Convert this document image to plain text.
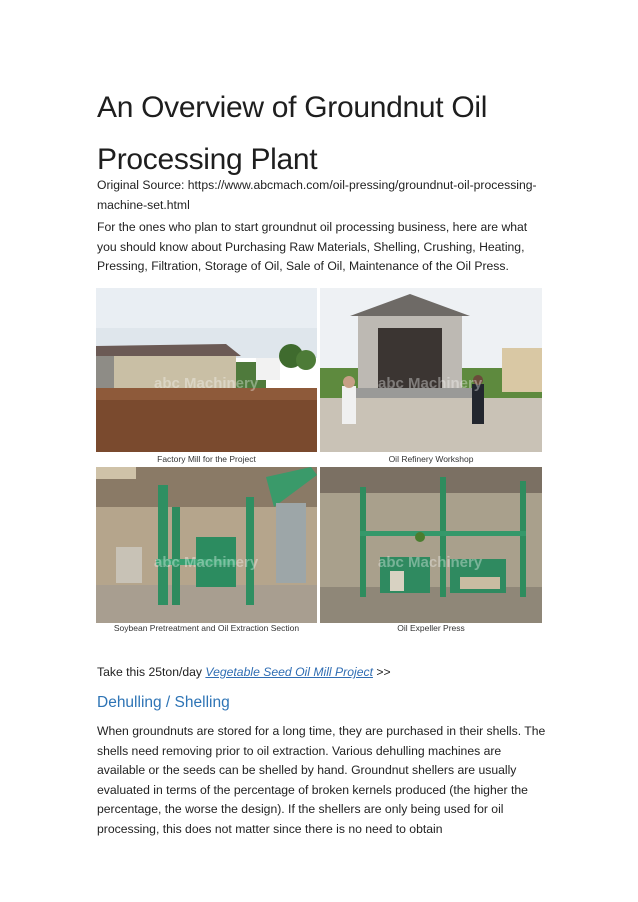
An Overview of Groundnut Oil
Processing Plant

Original Source: https://www.abcmach.com/oil-pressing/groundnut-oil-processing-machine-set.html

For the ones who plan to start groundnut oil processing business, here are what you should know about Purchasing Raw Materials, Shelling, Crushing, Heating, Pressing, Filtration, Storage of Oil, Sale of Oil, Maintenance of the Oil Press.

abc Machinery
Factory Mill for the Project
abc Machinery
Oil Refinery Workshop
abc Machinery
Soybean Pretreatment and Oil Extraction Section
abc Machinery
Oil Expeller Press

Take this 25ton/day Vegetable Seed Oil Mill Project >>

Dehulling / Shelling

When groundnuts are stored for a long time, they are purchased in their shells. The shells need removing prior to oil extraction. Various dehulling machines are available or the seeds can be shelled by hand. Groundnut shellers are usually evaluated in terms of the percentage of broken kernels produced (the higher the percentage, the worse the design). If the shellers are only being used for oil processing, this does not matter since there is no need to obtain
